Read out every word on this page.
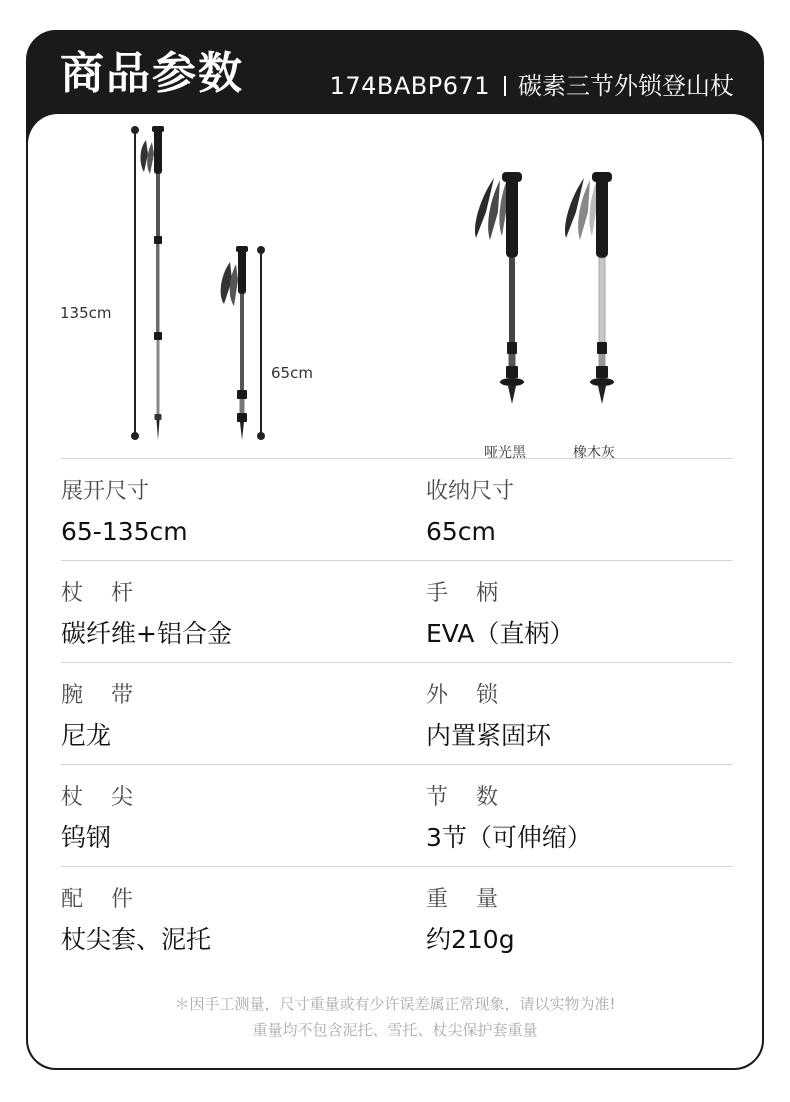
商品参数	174BABP671 碳素三节外锁登山杖
135cm
65cm
哑光黑	橡木灰
展开尺寸
65-135cm
收纳尺寸
65cm
杖    杆
碳纤维+铝合金
手    柄
EVA（直柄）
腕    带
尼龙
外    锁
内置紧固环
杖    尖
钨钢
节    数
3节（可伸缩）
配    件
杖尖套、泥托
重    量
约210g
＊因手工测量，尺寸重量或有少许误差属正常现象，请以实物为准!
重量均不包含泥托、雪托、杖尖保护套重量
